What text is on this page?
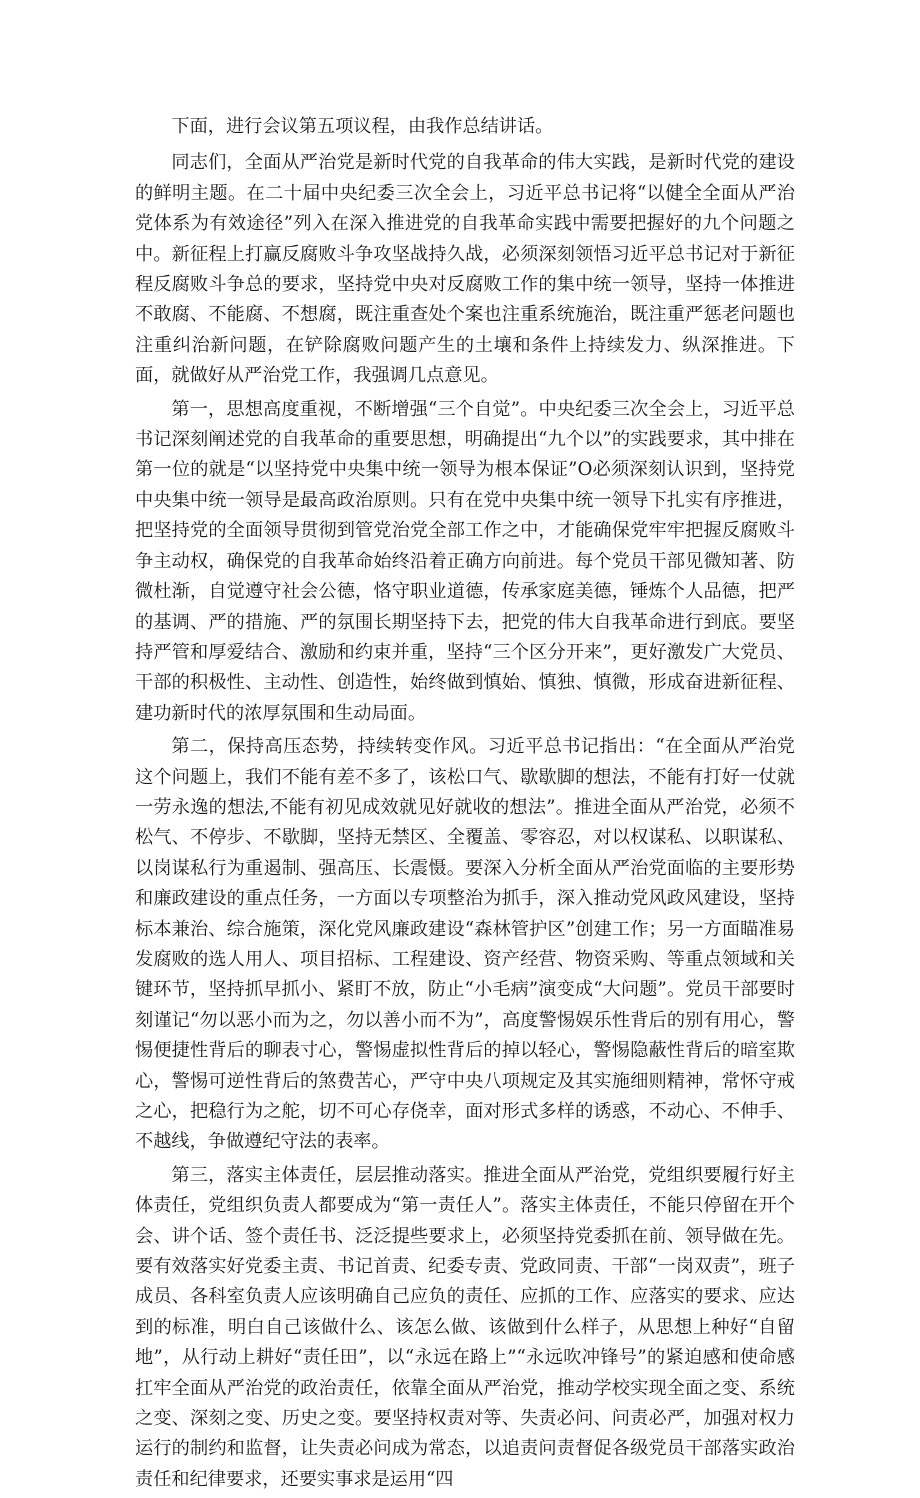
下面，进行会议第五项议程，由我作总结讲话。

同志们，全面从严治党是新时代党的自我革命的伟大实践，是新时代党的建设的鲜明主题。在二十届中央纪委三次全会上，习近平总书记将“以健全全面从严治党体系为有效途径”列入在深入推进党的自我革命实践中需要把握好的九个问题之中。新征程上打赢反腐败斗争攻坚战持久战，必须深刻领悟习近平总书记对于新征程反腐败斗争总的要求，坚持党中央对反腐败工作的集中统一领导，坚持一体推进不敢腐、不能腐、不想腐，既注重查处个案也注重系统施治，既注重严惩老问题也注重纠治新问题，在铲除腐败问题产生的土壤和条件上持续发力、纵深推进。下面，就做好从严治党工作，我强调几点意见。

第一，思想高度重视，不断增强“三个自觉”。中央纪委三次全会上，习近平总书记深刻阐述党的自我革命的重要思想，明确提出“九个以”的实践要求，其中排在第一位的就是“以坚持党中央集中统一领导为根本保证”O必须深刻认识到，坚持党中央集中统一领导是最高政治原则。只有在党中央集中统一领导下扎实有序推进，把坚持党的全面领导贯彻到管党治党全部工作之中，才能确保党牢牢把握反腐败斗争主动权，确保党的自我革命始终沿着正确方向前进。每个党员干部见微知著、防微杜渐，自觉遵守社会公德，恪守职业道德，传承家庭美德，锤炼个人品德，把严的基调、严的措施、严的氛围长期坚持下去，把党的伟大自我革命进行到底。要坚持严管和厚爱结合、激励和约束并重，坚持“三个区分开来”，更好激发广大党员、干部的积极性、主动性、创造性，始终做到慎始、慎独、慎微，形成奋进新征程、建功新时代的浓厚氛围和生动局面。

第二，保持高压态势，持续转变作风。习近平总书记指出：“在全面从严治党这个问题上，我们不能有差不多了，该松口气、歇歇脚的想法，不能有打好一仗就一劳永逸的想法,不能有初见成效就见好就收的想法”。推进全面从严治党，必须不松气、不停步、不歇脚，坚持无禁区、全覆盖、零容忍，对以权谋私、以职谋私、以岗谋私行为重遏制、强高压、长震慑。要深入分析全面从严治党面临的主要形势和廉政建设的重点任务，一方面以专项整治为抓手，深入推动党风政风建设，坚持标本兼治、综合施策，深化党风廉政建设“森林管护区”创建工作；另一方面瞄准易发腐败的选人用人、项目招标、工程建设、资产经营、物资采购、等重点领域和关键环节，坚持抓早抓小、紧盯不放，防止“小毛病”演变成“大问题”。党员干部要时刻谨记“勿以恶小而为之，勿以善小而不为”，高度警惕娱乐性背后的别有用心，警惕便捷性背后的聊表寸心，警惕虚拟性背后的掉以轻心，警惕隐蔽性背后的暗室欺心，警惕可逆性背后的煞费苦心，严守中央八项规定及其实施细则精神，常怀守戒之心，把稳行为之舵，切不可心存侥幸，面对形式多样的诱惑，不动心、不伸手、不越线，争做遵纪守法的表率。

第三，落实主体责任，层层推动落实。推进全面从严治党，党组织要履行好主体责任，党组织负责人都要成为“第一责任人”。落实主体责任，不能只停留在开个会、讲个话、签个责任书、泛泛提些要求上，必须坚持党委抓在前、领导做在先。要有效落实好党委主责、书记首责、纪委专责、党政同责、干部“一岗双责”，班子成员、各科室负责人应该明确自己应负的责任、应抓的工作、应落实的要求、应达到的标准，明白自己该做什么、该怎么做、该做到什么样子，从思想上种好“自留地”，从行动上耕好“责任田”，以“永远在路上”“永远吹冲锋号”的紧迫感和使命感扛牢全面从严治党的政治责任，依靠全面从严治党，推动学校实现全面之变、系统之变、深刻之变、历史之变。要坚持权责对等、失责必问、问责必严，加强对权力运行的制约和监督，让失责必问成为常态，以追责问责督促各级党员干部落实政治责任和纪律要求，还要实事求是运用“四
